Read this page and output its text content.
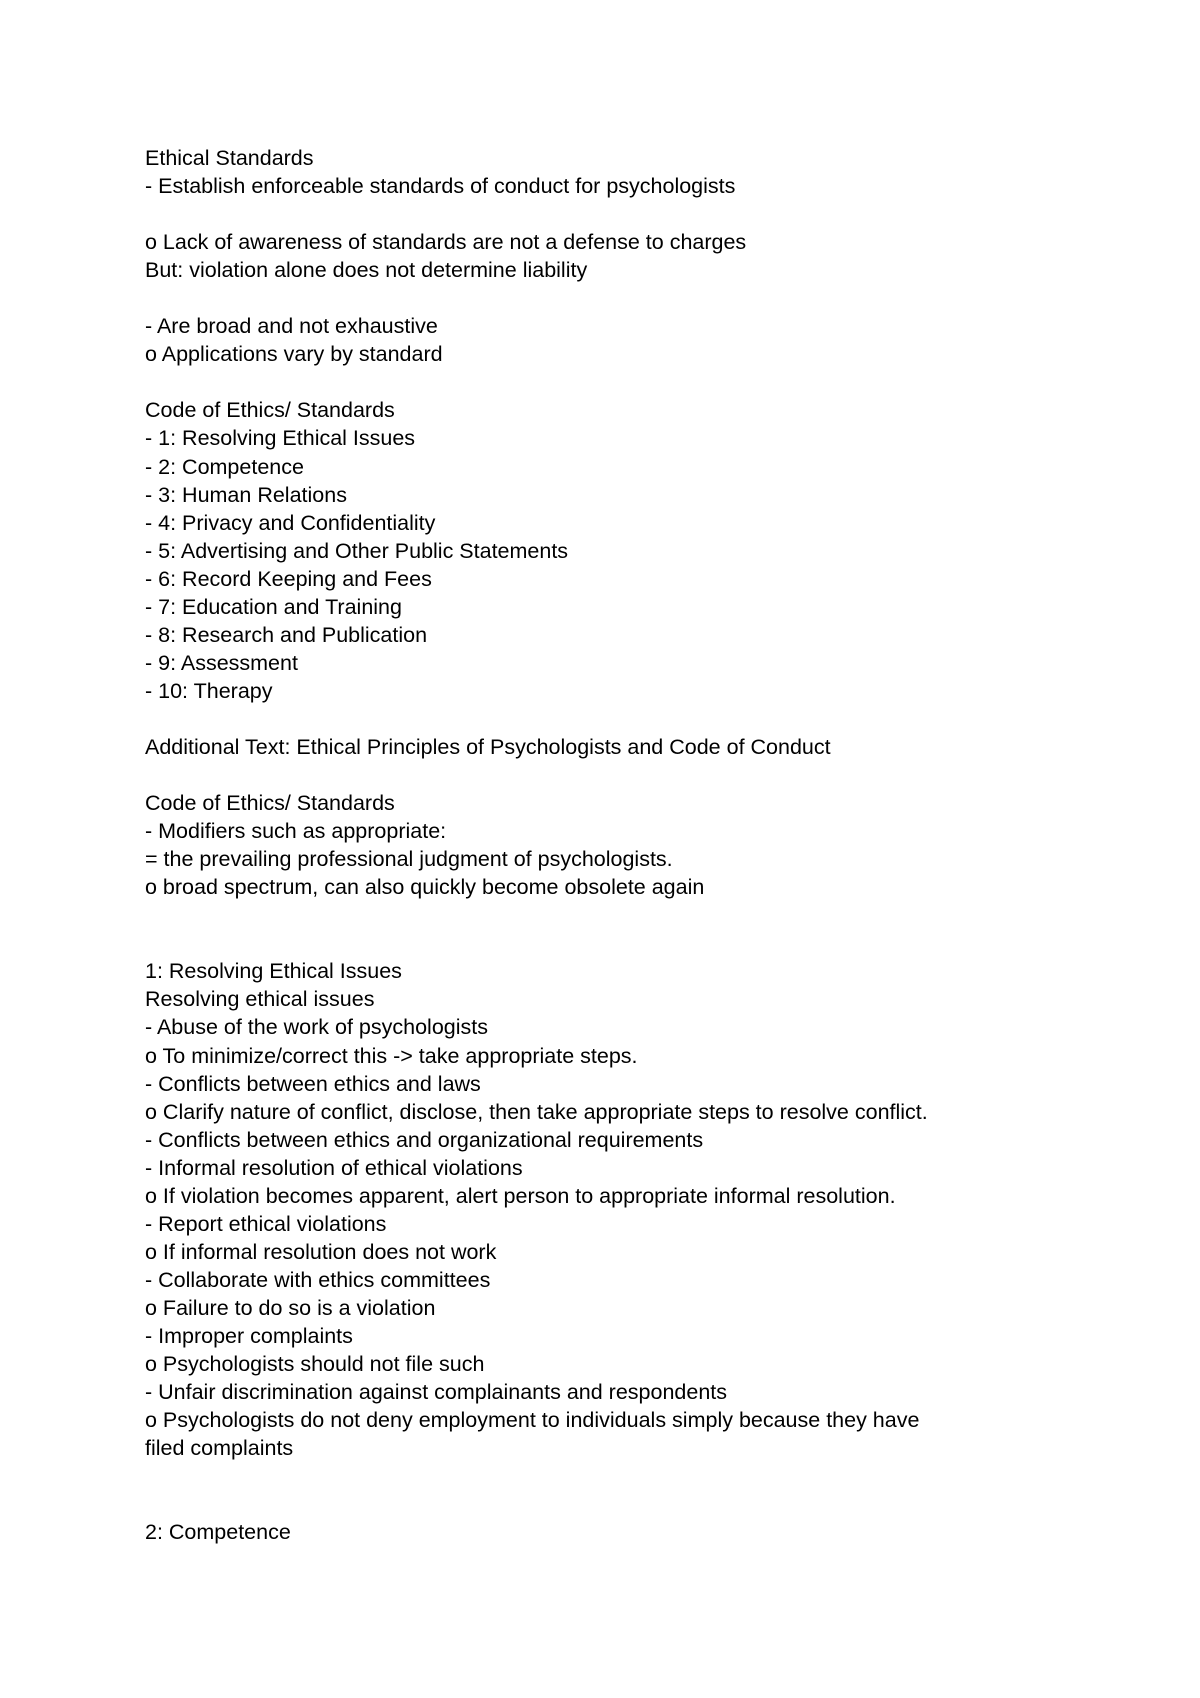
Ethical Standards
- Establish enforceable standards of conduct for psychologists
o Lack of awareness of standards are not a defense to charges
But: violation alone does not determine liability
- Are broad and not exhaustive
o Applications vary by standard
Code of Ethics/ Standards
- 1: Resolving Ethical Issues
- 2: Competence
- 3: Human Relations
- 4: Privacy and Confidentiality
- 5: Advertising and Other Public Statements
- 6: Record Keeping and Fees
- 7: Education and Training
- 8: Research and Publication
- 9: Assessment
- 10: Therapy
Additional Text: Ethical Principles of Psychologists and Code of Conduct
Code of Ethics/ Standards
- Modifiers such as appropriate:
= the prevailing professional judgment of psychologists.
o broad spectrum, can also quickly become obsolete again
1: Resolving Ethical Issues
Resolving ethical issues
- Abuse of the work of psychologists
o To minimize/correct this -> take appropriate steps.
- Conflicts between ethics and laws
o Clarify nature of conflict, disclose, then take appropriate steps to resolve conflict.
- Conflicts between ethics and organizational requirements
- Informal resolution of ethical violations
o If violation becomes apparent, alert person to appropriate informal resolution.
- Report ethical violations
o If informal resolution does not work
- Collaborate with ethics committees
o Failure to do so is a violation
- Improper complaints
o Psychologists should not file such
- Unfair discrimination against complainants and respondents
o Psychologists do not deny employment to individuals simply because they have
filed complaints
2: Competence
